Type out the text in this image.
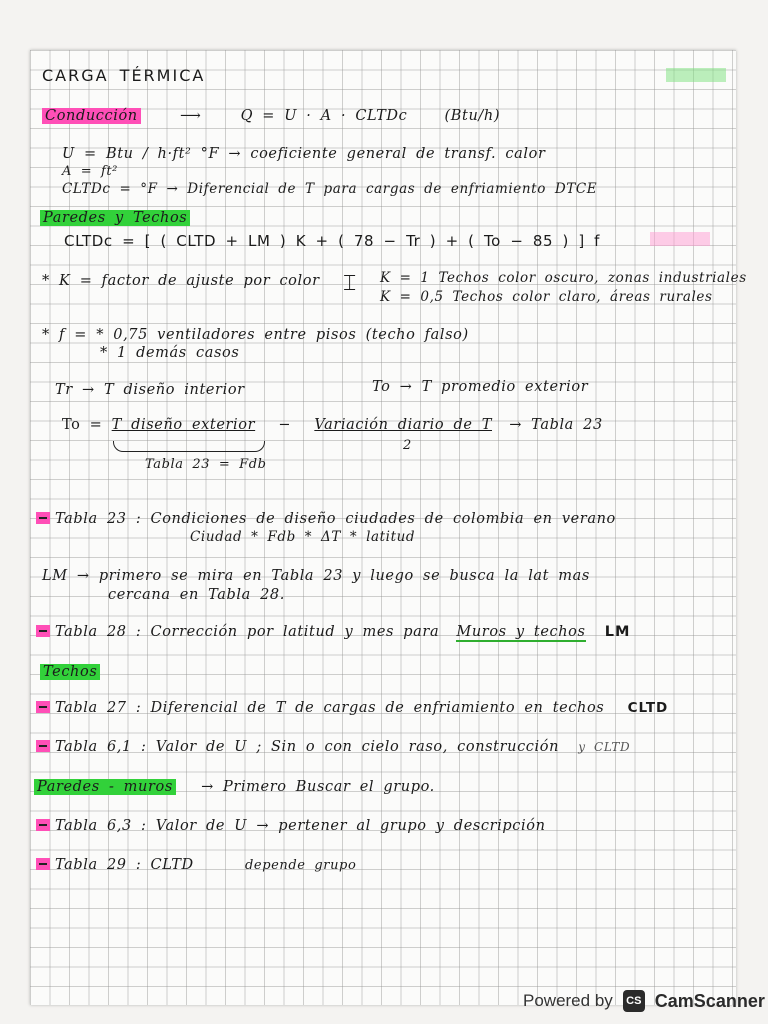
CARGA TÉRMICA
Conducción	⟶	Q = U · A · CLTDc	(Btu/h)
U = Btu / h·ft² °F → coeficiente general de transf. calor
A = ft²
CLTDc = °F → Diferencial de T para cargas de enfriamiento DTCE
Paredes y Techos
CLTDc = [ ( CLTD + LM ) K + ( 78 − Tr ) + ( To − 85 ) ] f
* K = factor de ajuste por color ⌶ K = 1 Techos color oscuro, zonas industriales
K = 0,5 Techos color claro, áreas rurales
* f = * 0,75 ventiladores entre pisos (techo falso)
* 1 demás casos
Tr → T diseño interior	To → T promedio exterior
To = T diseño exterior − Variación diario de T → Tabla 23
2
Tabla 23 = Fdb
Tabla 23 : Condiciones de diseño ciudades de colombia en verano
Ciudad * Fdb * ΔT * latitud
LM → primero se mira en Tabla 23 y luego se busca la lat mas
cercana en Tabla 28.
Tabla 28 : Corrección por latitud y mes para Muros y techos LM
Techos
Tabla 27 : Diferencial de T de cargas de enfriamiento en techos CLTD
Tabla 6,1 : Valor de U ; Sin o con cielo raso, construcción y CLTD
Paredes - muros → Primero Buscar el grupo.
Tabla 6,3 : Valor de U → pertener al grupo y descripción
Tabla 29 : CLTD	depende grupo
Powered by	CS CamScanner
